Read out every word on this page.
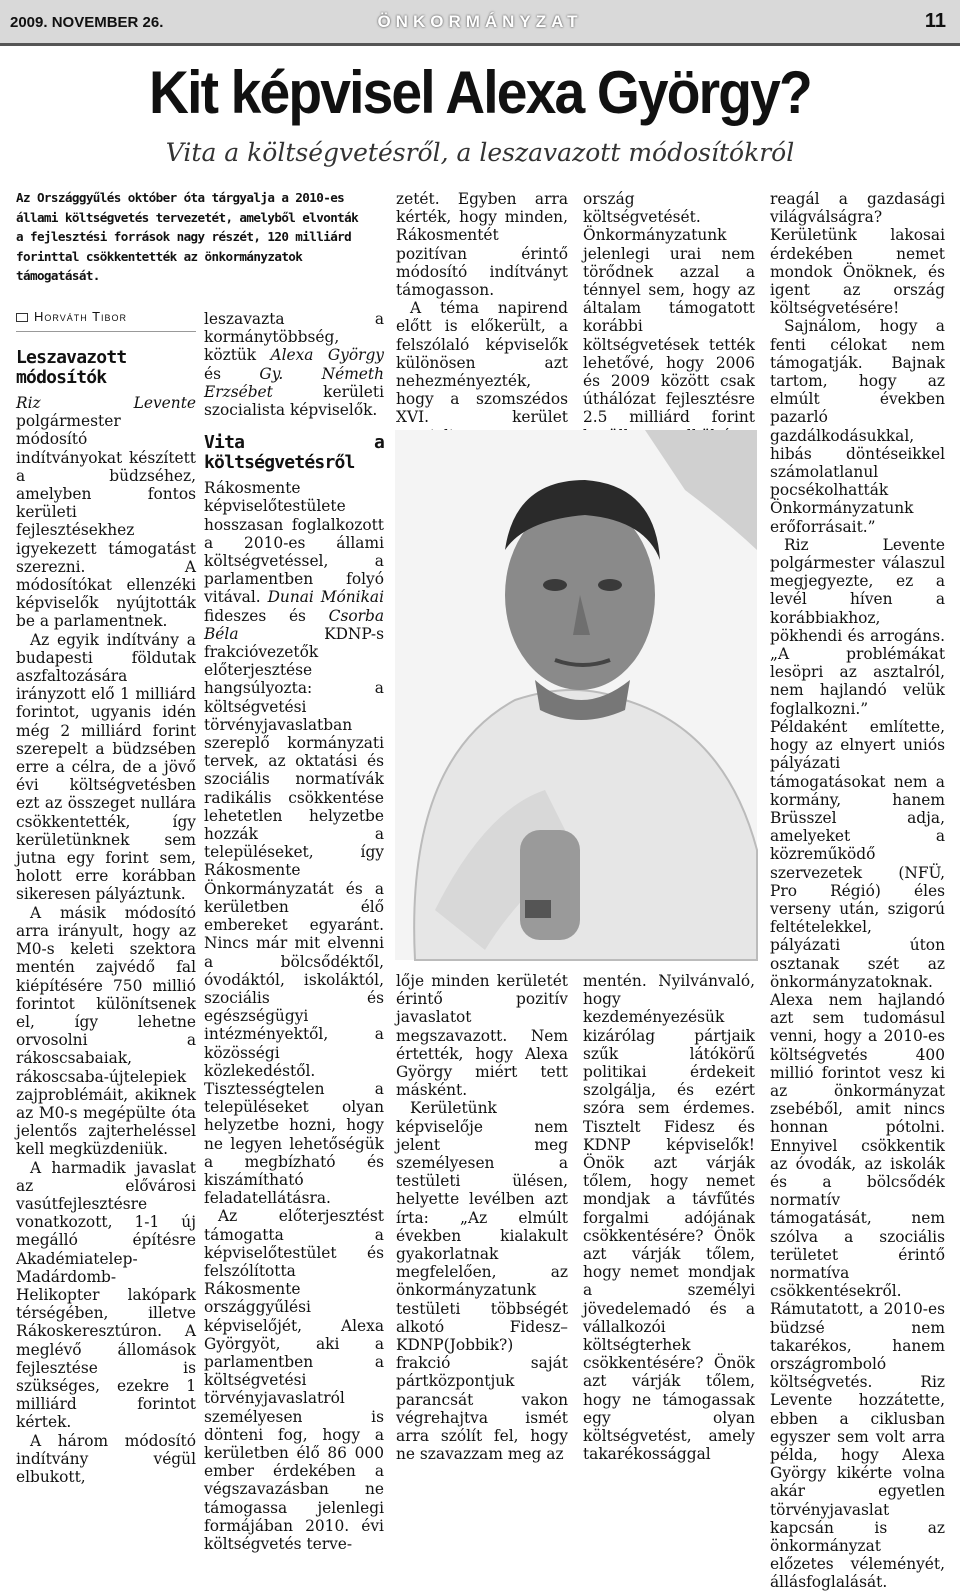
2009. NOVEMBER 26.	ÖNKORMÁNYZAT	11
Kit képvisel Alexa György?
Vita a költségvetésről, a leszavazott módosítókról
Az Országgyűlés október óta tárgyalja a 2010-es állami költségvetés tervezetét, amelyből elvonták a fejlesztési források nagy részét, 120 milliárd forinttal csökkentették az önkormányzatok támogatását.
Horváth Tibor
Leszavazott módosítók

Riz Levente polgármester módosító indítványokat készített a büdzséhez, amelyben fontos kerületi fejlesztésekhez igyekezett támogatást szerezni. A módosítókat ellenzéki képviselők nyújtották be a parlamentnek.

Az egyik indítvány a budapesti földutak aszfaltozására irányzott elő 1 milliárd forintot, ugyanis idén még 2 milliárd forint szerepelt a büdzsében erre a célra, de a jövő évi költségvetésben ezt az összeget nullára csökkentették, így kerületünknek sem jutna egy forint sem, holott erre korábban sikeresen pályáztunk.

A másik módosító arra irányult, hogy az M0-s keleti szektora mentén zajvédő fal kiépítésére 750 millió forintot különítsenek el, így lehetne orvosolni a rákoscsabaiak, rákoscsaba-újtelepiek zajproblémáit, akiknek az M0-s megépülte óta jelentős zajterheléssel kell megküzdeniük.

A harmadik javaslat az elővárosi vasútfejlesztésre vonatkozott, 1-1 új megálló építésre Akadémiatelep-Madárdomb-Helikopter lakópark térségében, illetve Rákoskeresztúron. A meglévő állomások fejlesztése is szükséges, ezekre 1 milliárd forintot kértek.

A három módosító indítvány végül elbukott,

leszavazta a kormánytöbbség, köztük Alexa György és Gy. Németh Erzsébet kerületi szocialista képviselők.

Vita a költségvetésről

Rákosmente képviselőtestülete hosszasan foglalkozott a 2010-es állami költségvetéssel, a parlamentben folyó vitával. Dunai Mónikai fideszes és Csorba Béla KDNP-s frakcióvezetők előterjesztése hangsúlyozta: a költségvetési törvényjavaslatban szereplő kormányzati tervek, az oktatási és szociális normatívák radikális csökkentése lehetetlen helyzetbe hozzák a településeket, így Rákosmente Önkormányzatát és a kerületben élő embereket egyaránt. Nincs már mit elvenni a bölcsődéktől, óvodáktól, iskoláktól, szociális és egészségügyi intézményektől, a közösségi közlekedéstől. Tisztességtelen a településeket olyan helyzetbe hozni, hogy ne legyen lehetőségük a megbízható és kiszámítható feladatellátásra.

Az előterjesztést támogatta a képviselőtestület és felszólította Rákosmente országgyűlési képviselőjét, Alexa Györgyöt, aki a parlamentben a költségvetési törvényjavaslatról személyesen is dönteni fog, hogy a kerületben élő 86 000 ember érdekében a végszavazásban ne támogassa jelenlegi formájában 2010. évi költségvetés terve-

zetét. Egyben arra kérték, hogy minden, Rákosmentét pozitívan érintő módosító indítványt támogasson.

A téma napirend előtt is előkerült, a felszólaló képviselők különösen azt nehezményezték, hogy a szomszédos XVI. kerület

ország költségvetését. Önkormányzatunk jelenlegi urai nem törődnek azzal a ténnyel sem, hogy az általam támogatott korábbi költségvetések tették lehetővé, hogy 2006 és 2009 között csak úthálózat fejlesztésre 2.5 milliárd forint

lője minden kerületét érintő pozitív javaslatot megszavazott. Nem értették, hogy Alexa György miért tett másként.

Kerületünk képviselője nem jelent meg személyesen a testületi ülésen, helyette levélben azt írta: „Az elmúlt években kialakult gyakorlatnak megfelelően, az önkormányzatunk testületi többségét alkotó Fidesz–KDNP(Jobbik?) frakció saját pártközpontjuk parancsát vakon végrehajtva ismét arra szólít fel, hogy ne szavazzam meg az

mentén. Nyilvánvaló, hogy kezdeményezésük kizárólag pártjaik szűk látókörű politikai érdekeit szolgálja, és ezért szóra sem érdemes. Tisztelt Fidesz és KDNP képviselők! Önök azt várják tőlem, hogy nemet mondjak a távfűtés forgalmi adójának csökkentésére? Önök azt várják tőlem, hogy nemet mondjak a személyi jövedelemadó és a vállalkozói költségterhek csökkentésére? Önök azt várják tőlem, hogy ne támogassak egy olyan költségvetést, amely takarékossággal

reagál a gazdasági világválságra? Kerületünk lakosai érdekében nemet mondok Önöknek, és igent az ország költségvetésére!

Sajnálom, hogy a fenti célokat nem támogatják. Bajnak tartom, hogy az elmúlt években pazarló gazdálkodásukkal, hibás döntéseikkel számolatlanul pocsékolhatták Önkormányzatunk erőforrásait.”

Riz Levente polgármester válaszul megjegyezte, ez a levél híven a korábbiakhoz, pökhendi és arrogáns. „A problémákat lesöpri az asztalról, nem hajlandó velük foglalkozni.” Példaként említette, hogy az elnyert uniós pályázati támogatásokat nem a kormány, hanem Brüsszel adja, amelyeket a közreműködő szervezetek (NFÜ, Pro Régió) éles verseny után, szigorú feltételekkel, pályázati úton osztanak szét az önkormányzatoknak. Alexa nem hajlandó azt sem tudomásul venni, hogy a 2010-es költségvetés 400 millió forintot vesz ki az önkormányzat zsebéből, amit nincs honnan pótolni. Ennyivel csökkentik az óvodák, az iskolák és a bölcsődék normatív támogatását, nem szólva a szociális területet érintő normatíva csökkentésekről. Rámutatott, a 2010-es büdzsé nem takarékos, hanem országromboló költségvetés. Riz Levente hozzátette, ebben a ciklusban egyszer sem volt arra példa, hogy Alexa György kikérte volna akár egyetlen törvényjavaslat kapcsán is az önkormányzat előzetes véleményét, állásfoglalását.
